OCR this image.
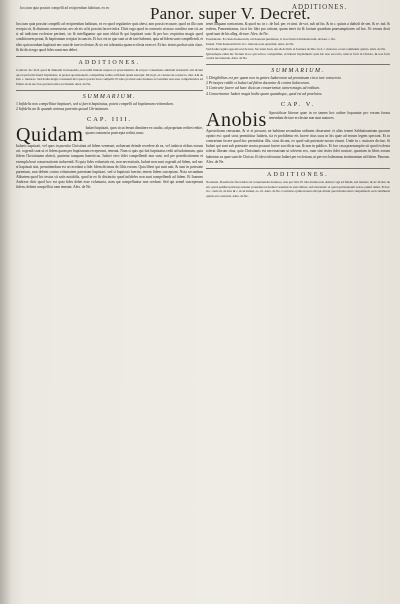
hoc,tum quia possint compelli ad recipiendum habitum, ex eo	Panor. super V. Decret.
ADDITIONES.

hoc,tum quia possint compelli ad recipiendum habitum, ex eo quod regulariter quis abest, non possit recusare, quod ea illa cum recepta sit, & diuinum conseruetur, nec ab eis ut hi possint facere infra. Dicit ergo quod in contrario ut nouo conditor non sit, an si ad iudicium ecclesiae pertinet, sic & intelliguntur qui sunt oblati & qui baptizati sunt: & per hoc requiritur magis quod conditionem ponat, & baptismum recipiat in sanctis. Et hoc est in quo sunt ut de iure habeant, quia ad fidem sunt compellendi, et ideo quia nondum baptizati nec sunt de iure ecclesiae, & sic est tolerantia quam ecclesia exercet. Et hoc textus probat satis clare, & ibi dicit ergo quod fides sumi non debet.

ADDITIONES.

Contrari. hic dicit quod & diuinum in mouendo, non nulli mutant seipsos et praecedentes: & est per conueniens animum statuendi: alii dicunt quod qui facile fuerit baptizatus, et postea apostatauerit, compellitur redire ad fidem quam suscepit. Ibi in gl. ex canone de consecra. dist. 4 & de Iud. c. maiores. Sed hodie magis consueuit dici quod oportet istos compelli. Et ideo probant adeo Iudaeos et Gentiles non esse compellendos ad fidem, sicut nec hos qui sunt extra ecclesiam. Alex. de Ne.

SUMMARIUM.

1 Infidelis non compellitur baptizari, sed si fuerit baptizatus, potest compelli ad baptismum retinendum.

2 Infidelis an & quando animus parentis quoad Christianum.

CAP. IIII.
Quidam Iudaei baptizati, quos sicut ferunt dimittere ex studio, ad proprium rediret redire, quam constant in praecepta ordini, nunc.

Iudaeis baptizati, vel quos in pueritia Christiani ad fidem venerunt, noluerunt deinde recedere ab ea, vel iudaicis ritibus eorum uti: cogendi sunt ut et fidem quam per baptismum receperunt, teneant. Nam si quis qui fuit baptizatus redit ad iudaismum, quia fidem Christianam abiecit, punietur tanquam haereticus. Iudaei vero fidei compellendi non sunt, sed per praedicationem et exempla boni conuersationis inducendi. Et quia fides voluntatis est, non necessitatis, Iudaei non sunt cogendi ad fidem, sed nec si baptizati sint, permittendum est ut recedant a fide. Idem dicimus de filiis eorum. Quia liberi qui sunt nati, & sunt in potestate parentum, non debent contra voluntatem parentum baptizari, sed si baptizati fuerint, tenent fidem susceptam. Nota secundum Abbatem quod hic textus sit satis notabilis, quod in eo fit distinctio quod infideles non sunt compellendi ad fidem. Et Ioannes Andreae dicit quod hoc est quia fides debet esse voluntaria, nam qui compelluntur non credunt. Sed qui semel susceperunt fidem, debent compelli ut eam teneant. Alex. de Ne.

tenet aliquam contrariam, & quod no. in c. de Iud. per. et simi. de vot. sub ad fin. & in c. quiuis a diaboli de sen. & re. iud. & eodem, Panormitanus, facit hic libri pro ratione, quam tenet ita & faciunt quaedam praesumptiones ad hoc. Et verum dixit quod sunt de his alleg. de iure. Alex. de Ne.

Examinatio. Ecclesia Iudaeorum, vel haeresis punitione, vt in ecclesia Christianorum, de haer. c. fin.

Iudaei. Vide Iudaeorum hic in c. maiores non quaeritur. Alex. de Ne.

Sed hodie regula opposita est de iure. Sic tenet Ioan. An. & Archid. et Ioannes de Imo. in d. c. maiores. et est communis opinio. Alex. de Ne.

Quicumque enim hic faciunt in eo qui ad hoc compellitur, ut habeat baptismum: quia hic non est ratio, nam et facit in Christo, & non facit contra ius naturale. Alex. de Ne.

SUMMARIUM.

1 Dirigibilitas est per quam non in gentes Iudaeorum ad promissam circa iure conuersio.

2 Principes reddit vt Iudaei ad fidem ducantur & contra Iudaeorum.

3 Contrarie facere ad haec dicta an conuertentur, tamen magis ad reditum.

4 Conuertuntur Iudaei magis hodie quam quandoque, quod est ad praelatos.

CAP. V.
Anobis Apostolicae litterae quae in eo tamen hoc ordine loquuntur pro eorum forma tenendum de iure ecclesiae non sunt maiores.

Apostolicam censuram, & vt et possunt, ne habitum secundum ordinem obseruent: et alias tenent Sabbatizantium quorum opinio est: quod sicut permittitur Iudaeis, ita et prohibetur eis facere ritus suos in his quae ad eorum legem spectant. Et in contrarium facere quod hoc permittitur illis, sicut dicunt, eo quod sub potestate nostra viuunt. Unde in c. maiores dicitur: Si Iudaei qui sunt sub potestate nostra possunt facere sacrificia sua, & non in publico. Et hoc casu praesumptio sit quod ecclesia tolerat illorum ritus, quia Christianis est necessarium ut tolerent eos, cum sint testes fidei nostrae, quoniam in libris eorum habentur ea quae sunt de Christo. Et ideo tolerantur Iudaei per ecclesiam, ut per eos habeamus testimonium ad fidem. Panorm. Alex. de Ne.

ADDITIONES.

Nouitatis. Praedicatio fieri debet ad conuertendos Iudaeos, non per vim. Et ideo Iudaei non debent cogi ad fidem, sed inuitari, & sic dicitur de eis: quod quilibet princeps tenetur prouidere ne Iudaei vexentur in suis ritibus, sed tolerentur: et quod qui Iudaeum vexat, puniri debet. Et hoc in c. cum sit, de Iud. & c. sicut Iudaei, eo. tit. Alex. de Ne. Contrarie opinioni sunt alii qui dicunt quod Iudaei sunt compellendi, sed communis opinio est contraria. Alex. de Ne.
